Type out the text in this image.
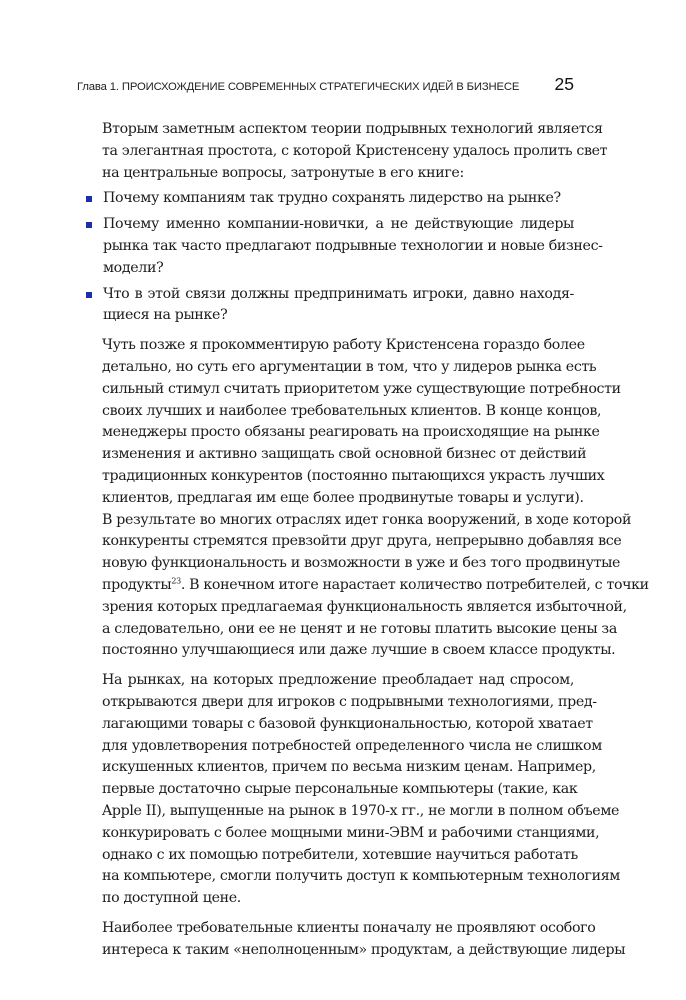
Глава 1. ПРОИСХОЖДЕНИЕ СОВРЕМЕННЫХ СТРАТЕГИЧЕСКИХ ИДЕЙ В БИЗНЕСЕ 25

Вторым заметным аспектом теории подрывных технологий является
та элегантная простота, с которой Кристенсену удалось пролить свет
на центральные вопросы, затронутые в его книге:

Почему компаниям так трудно сохранять лидерство на рынке?
Почему именно компании-новички, а не действующие лидеры
рынка так часто предлагают подрывные технологии и новые бизнес-
модели?
Что в этой связи должны предпринимать игроки, давно находя-
щиеся на рынке?

Чуть позже я прокомментирую работу Кристенсена гораздо более
детально, но суть его аргументации в том, что у лидеров рынка есть
сильный стимул считать приоритетом уже существующие потребности
своих лучших и наиболее требовательных клиентов. В конце концов,
менеджеры просто обязаны реагировать на происходящие на рынке
изменения и активно защищать свой основной бизнес от действий
традиционных конкурентов (постоянно пытающихся украсть лучших
клиентов, предлагая им еще более продвинутые товары и услуги).
В результате во многих отраслях идет гонка вооружений, в ходе которой
конкуренты стремятся превзойти друг друга, непрерывно добавляя все
новую функциональность и возможности в уже и без того продвинутые
продукты$^{23}$. В конечном итоге нарастает количество потребителей, с точки
зрения которых предлагаемая функциональность является избыточной,
а следовательно, они ее не ценят и не готовы платить высокие цены за
постоянно улучшающиеся или даже лучшие в своем классе продукты.

На рынках, на которых предложение преобладает над спросом,
открываются двери для игроков с подрывными технологиями, пред-
лагающими товары с базовой функциональностью, которой хватает
для удовлетворения потребностей определенного числа не слишком
искушенных клиентов, причем по весьма низким ценам. Например,
первые достаточно сырые персональные компьютеры (такие, как
Apple II), выпущенные на рынок в 1970-х гг., не могли в полном объеме
конкурировать с более мощными мини-ЭВМ и рабочими станциями,
однако с их помощью потребители, хотевшие научиться работать
на компьютере, смогли получить доступ к компьютерным технологиям
по доступной цене.

Наиболее требовательные клиенты поначалу не проявляют особого
интереса к таким «неполноценным» продуктам, а действующие лидеры
